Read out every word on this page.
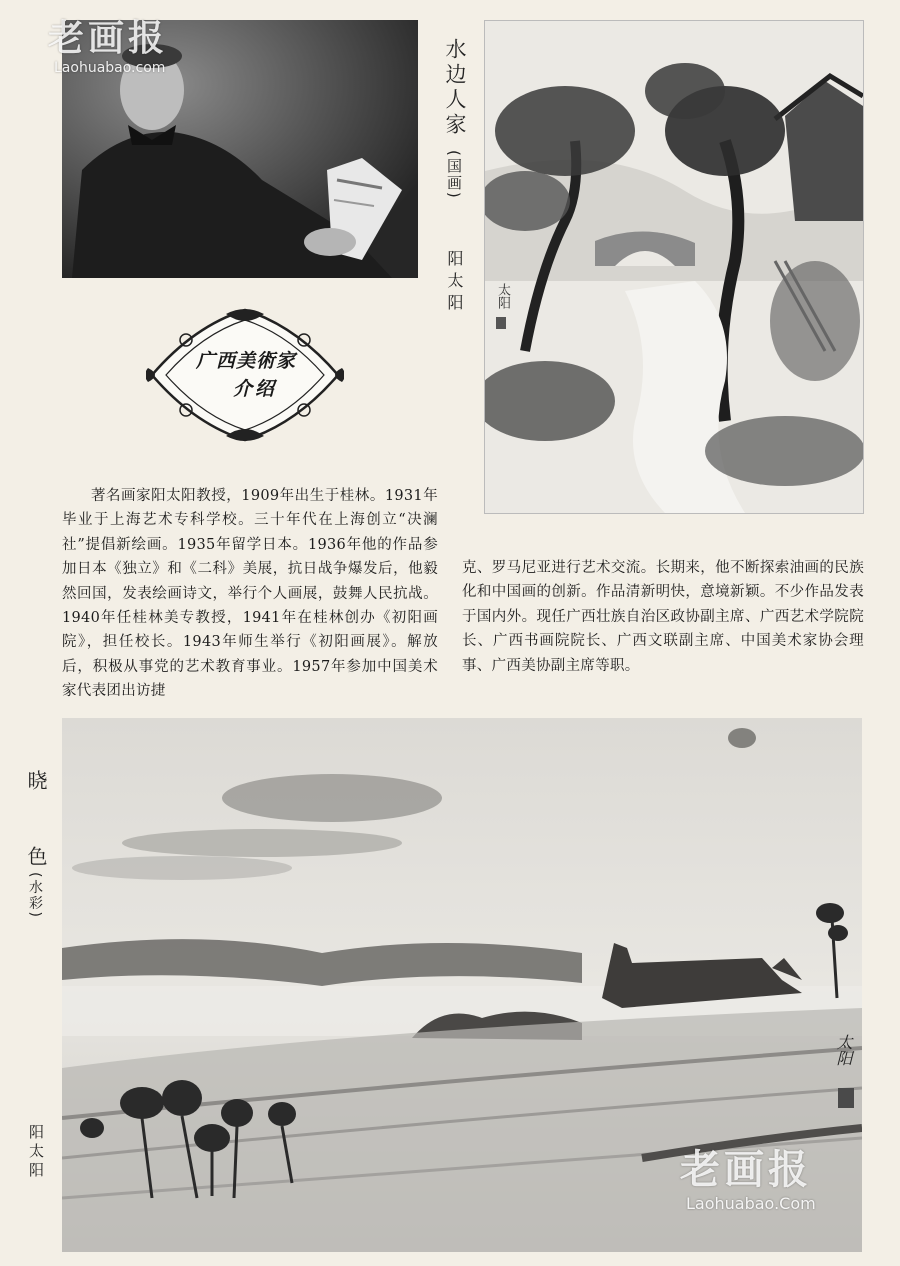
老画报
Laohuabao.com	水边人家
(国画)
阳太阳 太阳
广西美術家
介绍
著名画家阳太阳教授，1909年出生于桂林。1931年毕业于上海艺术专科学校。三十年代在上海创立“决澜社”提倡新绘画。1935年留学日本。1936年他的作品参加日本《独立》和《二科》美展，抗日战争爆发后，他毅然回国，发表绘画诗文，举行个人画展，鼓舞人民抗战。1940年任桂林美专教授，1941年在桂林创办《初阳画院》，担任校长。1943年师生举行《初阳画展》。解放后，积极从事党的艺术教育事业。1957年参加中国美术家代表团出访捷
克、罗马尼亚进行艺术交流。长期来，他不断探索油画的民族化和中国画的创新。作品清新明快，意境新颖。不少作品发表于国内外。现任广西壮族自治区政协副主席、广西艺术学院院长、广西书画院院长、广西文联副主席、中国美术家协会理事、广西美协副主席等职。
晓
色
(水彩)
阳太阳
太阳
老画报
Laohuabao.Com
